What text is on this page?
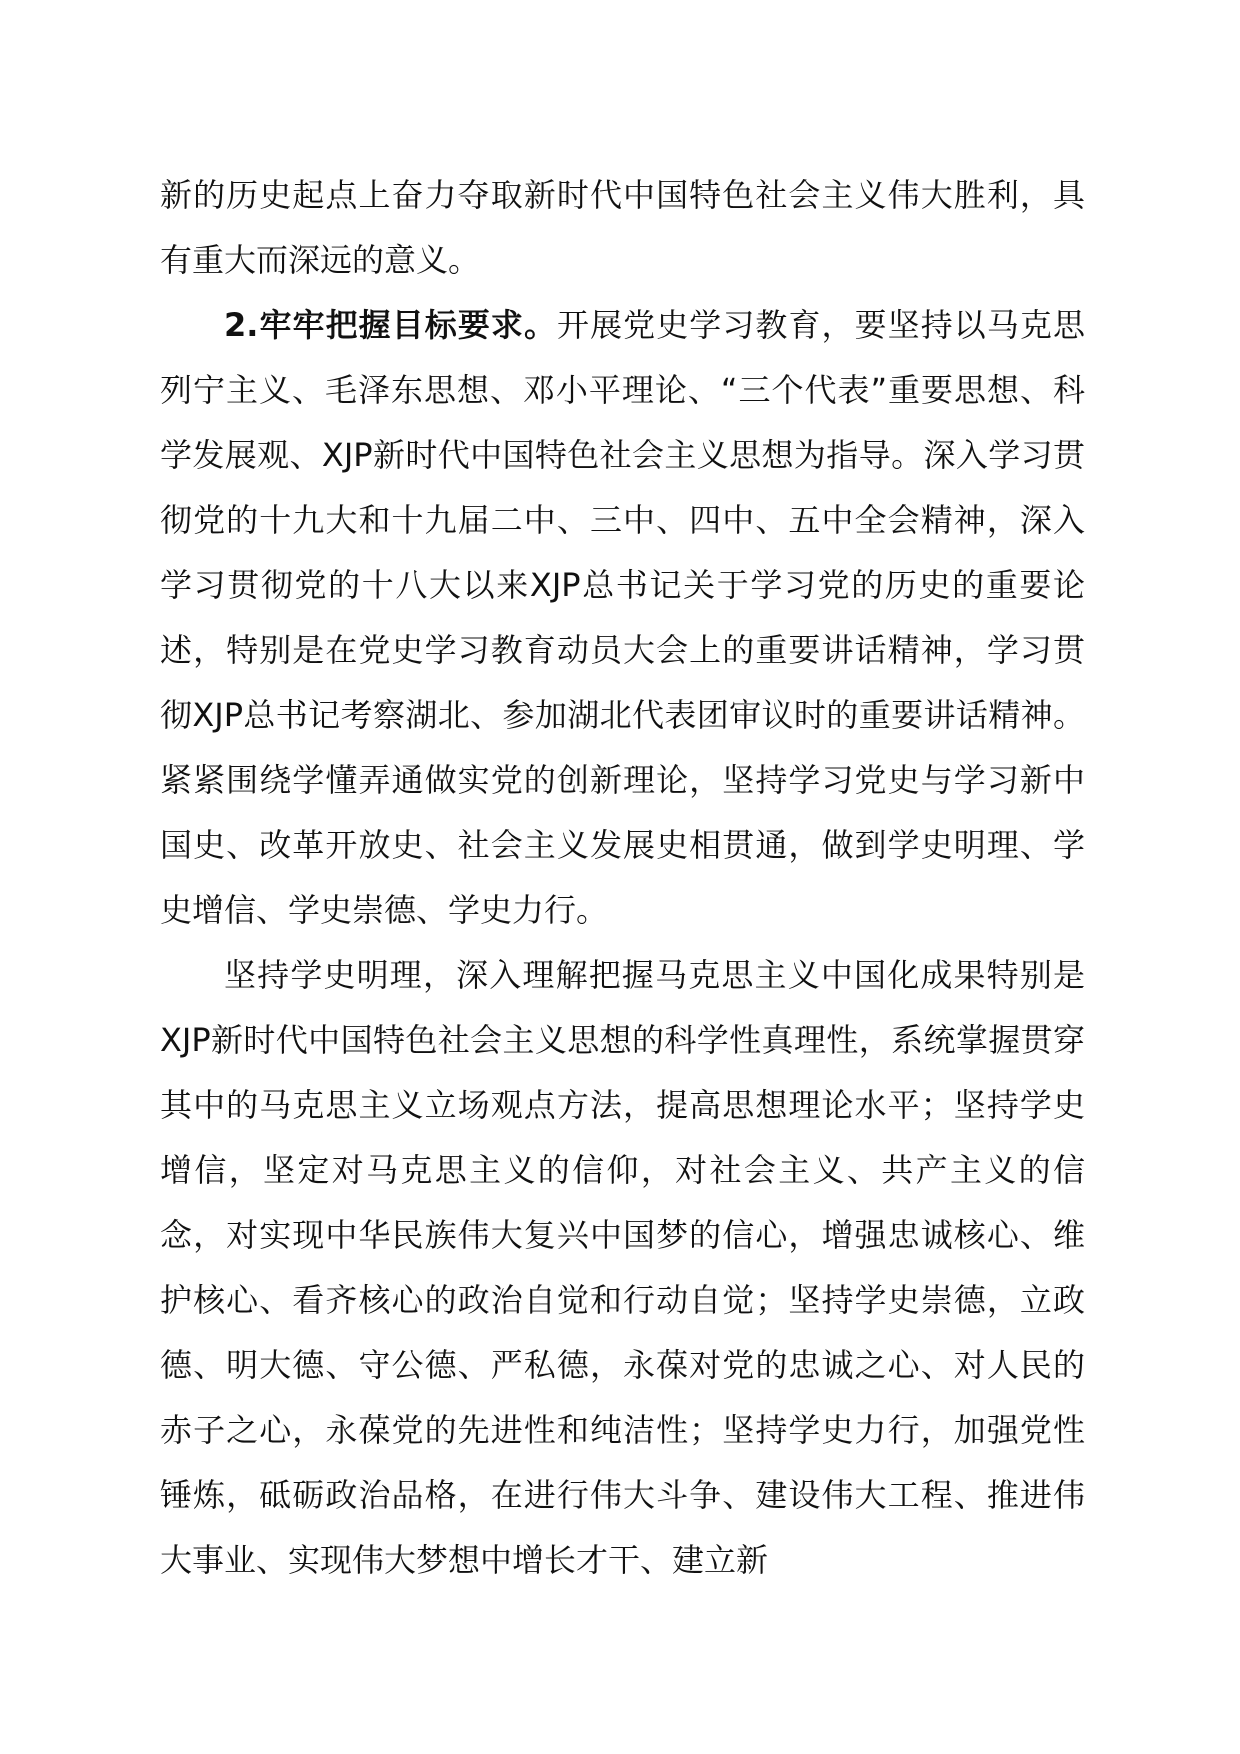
新的历史起点上奋力夺取新时代中国特色社会主义伟大胜利，具有重大而深远的意义。

2.牢牢把握目标要求。开展党史学习教育，要坚持以马克思列宁主义、毛泽东思想、邓小平理论、“三个代表”重要思想、科学发展观、XJP新时代中国特色社会主义思想为指导。深入学习贯彻党的十九大和十九届二中、三中、四中、五中全会精神，深入学习贯彻党的十八大以来XJP总书记关于学习党的历史的重要论述，特别是在党史学习教育动员大会上的重要讲话精神，学习贯彻XJP总书记考察湖北、参加湖北代表团审议时的重要讲话精神。紧紧围绕学懂弄通做实党的创新理论，坚持学习党史与学习新中国史、改革开放史、社会主义发展史相贯通，做到学史明理、学史增信、学史崇德、学史力行。

坚持学史明理，深入理解把握马克思主义中国化成果特别是XJP新时代中国特色社会主义思想的科学性真理性，系统掌握贯穿其中的马克思主义立场观点方法，提高思想理论水平；坚持学史增信，坚定对马克思主义的信仰，对社会主义、共产主义的信念，对实现中华民族伟大复兴中国梦的信心，增强忠诚核心、维护核心、看齐核心的政治自觉和行动自觉；坚持学史崇德，立政德、明大德、守公德、严私德，永葆对党的忠诚之心、对人民的赤子之心，永葆党的先进性和纯洁性；坚持学史力行，加强党性锤炼，砥砺政治品格，在进行伟大斗争、建设伟大工程、推进伟大事业、实现伟大梦想中增长才干、建立新
